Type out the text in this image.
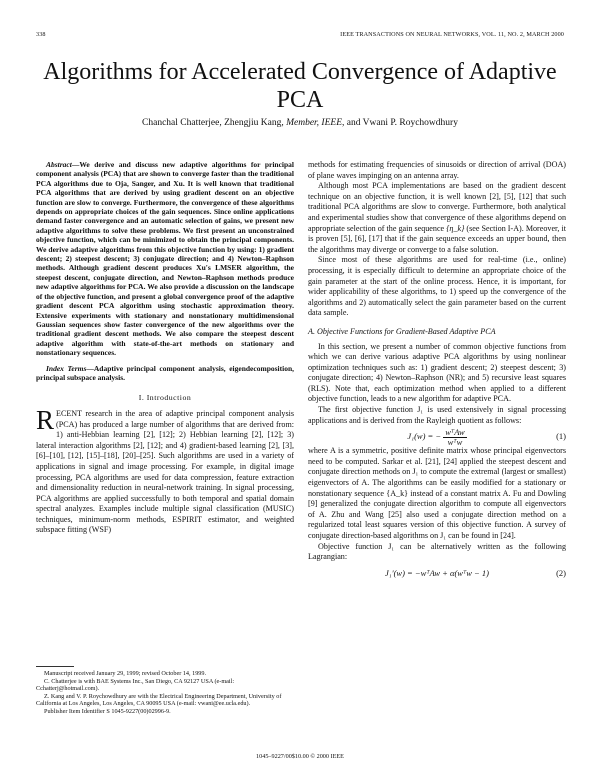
338	IEEE TRANSACTIONS ON NEURAL NETWORKS, VOL. 11, NO. 2, MARCH 2000
Algorithms for Accelerated Convergence of Adaptive PCA
Chanchal Chatterjee, Zhengjiu Kang, Member, IEEE, and Vwani P. Roychowdhury

Abstract—We derive and discuss new adaptive algorithms for principal component analysis (PCA) that are shown to converge faster than the traditional PCA algorithms due to Oja, Sanger, and Xu. It is well known that traditional PCA algorithms that are derived by using gradient descent on an objective function are slow to converge. Furthermore, the convergence of these algorithms depends on appropriate choices of the gain sequences. Since online applications demand faster convergence and an automatic selection of gains, we present new adaptive algorithms to solve these problems. We first present an unconstrained objective function, which can be minimized to obtain the principal components. We derive adaptive algorithms from this objective function by using: 1) gradient descent; 2) steepest descent; 3) conjugate direction; and 4) Newton–Raphson methods. Although gradient descent produces Xu's LMSER algorithm, the steepest descent, conjugate direction, and Newton–Raphson methods produce new adaptive algorithms for PCA. We also provide a discussion on the landscape of the objective function, and present a global convergence proof of the adaptive gradient descent PCA algorithm using stochastic approximation theory. Extensive experiments with stationary and nonstationary multidimensional Gaussian sequences show faster convergence of the new algorithms over the traditional gradient descent methods. We also compare the steepest descent adaptive algorithm with state-of-the-art methods on stationary and nonstationary sequences.

Index Terms—Adaptive principal component analysis, eigendecomposition, principal subspace analysis.

I. Introduction

RECENT research in the area of adaptive principal component analysis (PCA) has produced a large number of algorithms that are derived from: 1) anti-Hebbian learning [2], [12]; 2) Hebbian learning [2], [12]; 3) lateral interaction algorithms [2], [12]; and 4) gradient-based learning [2], [3], [6]–[10], [12], [15]–[18], [20]–[25]. Such algorithms are used in a variety of applications in signal and image processing. For example, in digital image processing, PCA algorithms are used for data compression, feature extraction and dimensionality reduction in neural-network training. In signal processing, PCA algorithms are applied successfully to both temporal and spatial domain spectral analyzes. Examples include multiple signal classification (MUSIC) techniques, minimum-norm methods, ESPIRIT estimator, and weighted subspace fitting (WSF)

methods for estimating frequencies of sinusoids or direction of arrival (DOA) of plane waves impinging on an antenna array.

Although most PCA implementations are based on the gradient descent technique on an objective function, it is well known [2], [5], [12] that such traditional PCA algorithms are slow to converge. Furthermore, both analytical and experimental studies show that convergence of these algorithms depend on appropriate selection of the gain sequence {η_k} (see Section I-A). Moreover, it is proven [5], [6], [17] that if the gain sequence exceeds an upper bound, then the algorithms may diverge or converge to a false solution.

Since most of these algorithms are used for real-time (i.e., online) processing, it is especially difficult to determine an appropriate choice of the gain parameter at the start of the online process. Hence, it is important, for wider applicability of these algorithms, to 1) speed up the convergence of the algorithms and 2) automatically select the gain parameter based on the current data sample.

A. Objective Functions for Gradient-Based Adaptive PCA

In this section, we present a number of common objective functions from which we can derive various adaptive PCA algorithms by using nonlinear optimization techniques such as: 1) gradient descent; 2) steepest descent; 3) conjugate direction; 4) Newton–Raphson (NR); and 5) recursive least squares (RLS). Note that, each optimization method when applied to a different objective function, leads to a new algorithm for adaptive PCA.

The first objective function J₁ is used extensively in signal processing applications and is derived from the Rayleigh quotient as follows:

J₁(w) = − $\frac{\text{wᵀAw}}{\text{wᵀw}}$	(1)

where A is a symmetric, positive definite matrix whose principal eigenvectors need to be computed. Sarkar et al. [21], [24] applied the steepest descent and conjugate direction methods on J₁ to compute the extremal (largest or smallest) eigenvectors of A. The algorithms can be easily modified for a stationary or nonstationary sequence {A_k} instead of a constant matrix A. Fu and Dowling [9] generalized the conjugate direction algorithm to compute all eigenvectors of A. Zhu and Wang [25] also used a conjugate direction method on a regularized total least squares version of this objective function. A survey of conjugate direction-based algorithms on J₁ can be found in [24].

Objective function J₁ can be alternatively written as the following Lagrangian:

J₁′(w) = −wᵀAw + α(wᵀw − 1)	(2)

Manuscript received January 29, 1999; revised October 14, 1999.

C. Chatterjee is with BAE Systems Inc., San Diego, CA 92127 USA (e-mail: Cchatterj@hotmail.com).

Z. Kang and V. P. Roychowdhury are with the Electrical Engineering Department, University of California at Los Angeles, Los Angeles, CA 90095 USA (e-mail: vwani@ee.ucla.edu).

Publisher Item Identifier S 1045-9227(00)02996-9.

1045–9227/00$10.00 © 2000 IEEE
